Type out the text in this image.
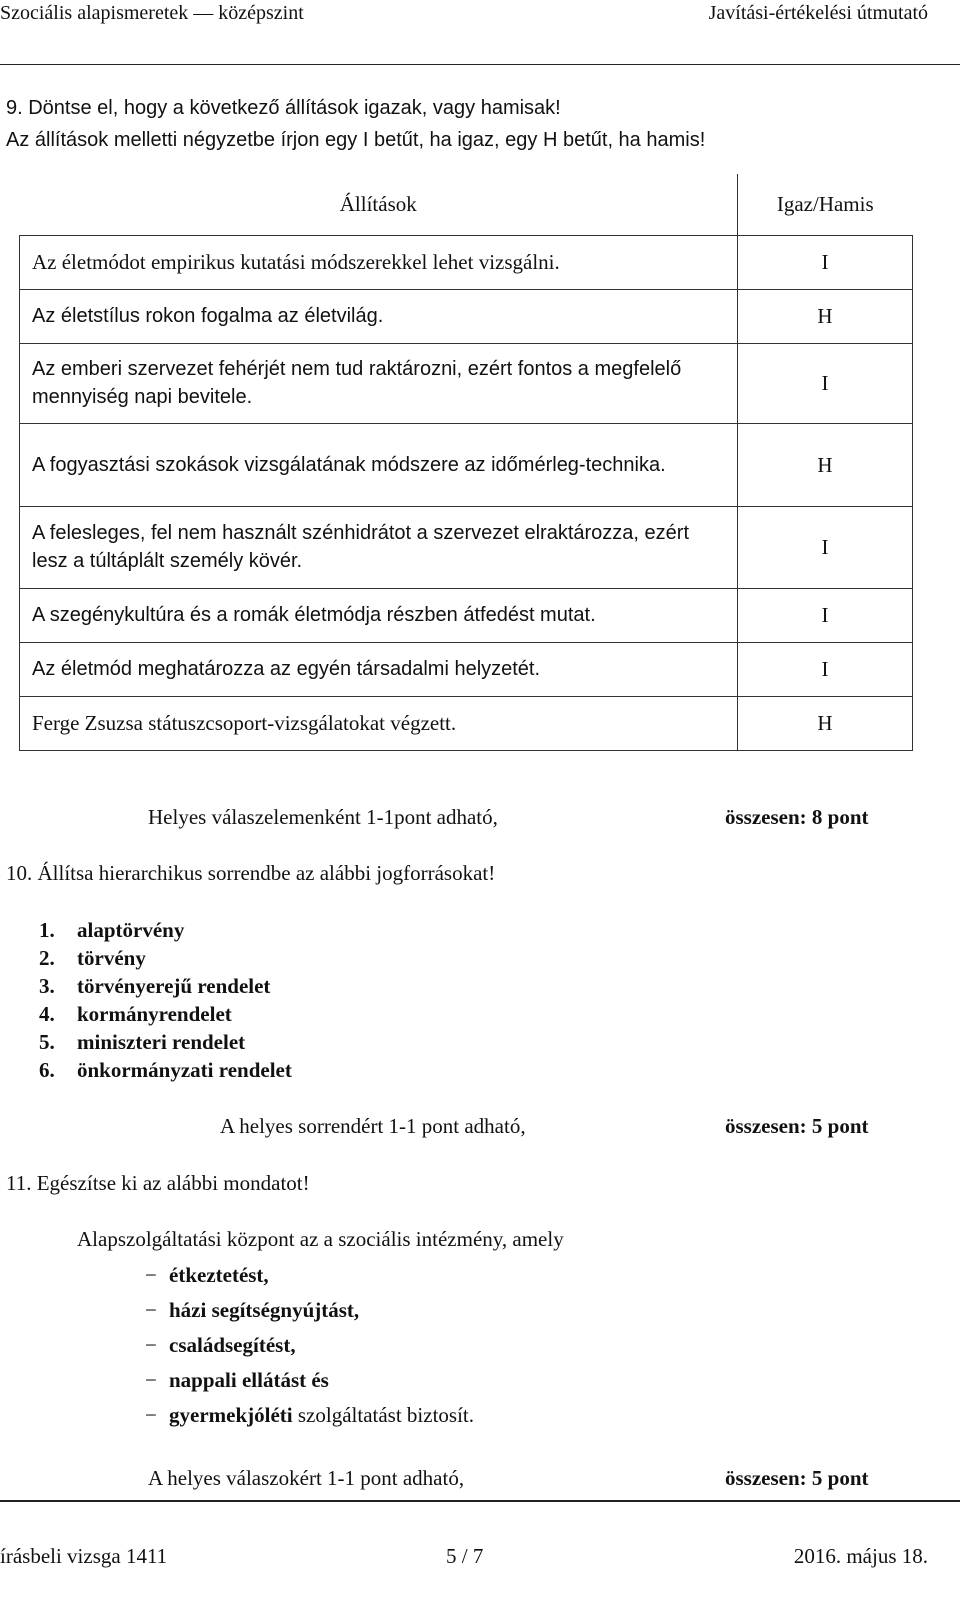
Szociális alapismeretek — középszint	Javítási-értékelési útmutató
9. Döntse el, hogy a következő állítások igazak, vagy hamisak!
Az állítások melletti négyzetbe írjon egy I betűt, ha igaz, egy H betűt, ha hamis!
Állítások	Igaz/Hamis
Az életmódot empirikus kutatási módszerekkel lehet vizsgálni.	I
Az életstílus rokon fogalma az életvilág.	H
Az emberi szervezet fehérjét nem tud raktározni, ezért fontos a megfelelő mennyiség napi bevitele.	I
A fogyasztási szokások vizsgálatának módszere az időmérleg-technika.	H
A felesleges, fel nem használt szénhidrátot a szervezet elraktározza, ezért lesz a túltáplált személy kövér.	I
A szegénykultúra és a romák életmódja részben átfedést mutat.	I
Az életmód meghatározza az egyén társadalmi helyzetét.	I
Ferge Zsuzsa státuszcsoport-vizsgálatokat végzett.	H
Helyes válaszelemenként 1-1pont adható,	összesen: 8 pont
10. Állítsa hierarchikus sorrendbe az alábbi jogforrásokat!
1. alaptörvény
2. törvény
3. törvényerejű rendelet
4. kormányrendelet
5. miniszteri rendelet
6. önkormányzati rendelet
A helyes sorrendért 1-1 pont adható,	összesen: 5 pont
11. Egészítse ki az alábbi mondatot!
Alapszolgáltatási központ az a szociális intézmény, amely
− étkeztetést,
− házi segítségnyújtást,
− családsegítést,
− nappali ellátást és
− gyermekjóléti szolgáltatást biztosít.
A helyes válaszokért 1-1 pont adható,	összesen: 5 pont
írásbeli vizsga 1411	5 / 7	2016. május 18.
